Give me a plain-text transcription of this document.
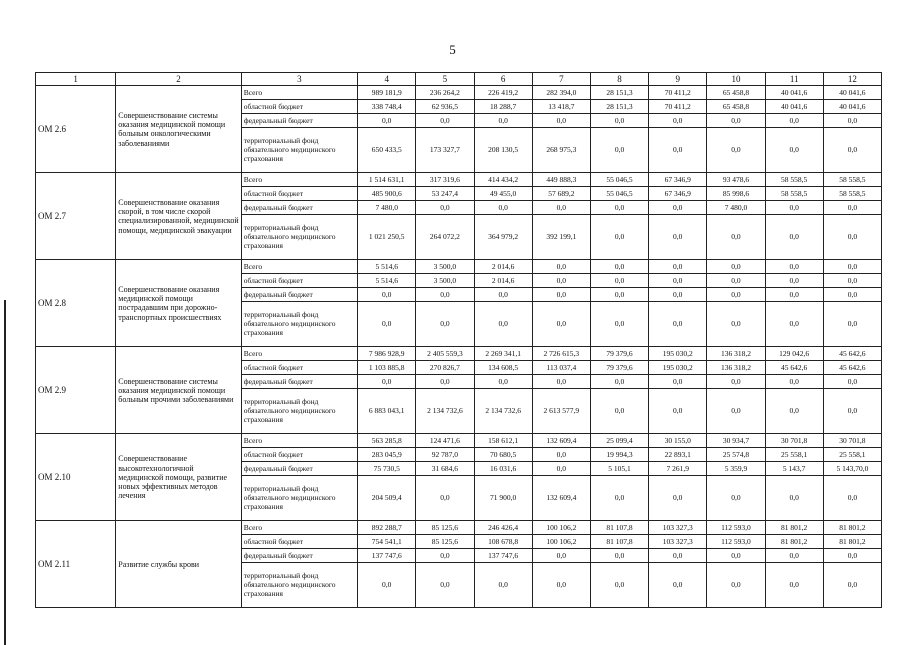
5
1	2	3	4	5	6	7	8	9	10	11	12
ОМ 2.6	Совершенствование системы оказания медицинской помощи больным онкологическими заболеваниями	Всего	989 181,9	236 264,2	226 419,2	282 394,0	28 151,3	70 411,2	65 458,8	40 041,6	40 041,6
		областной бюджет	338 748,4	62 936,5	18 288,7	13 418,7	28 151,3	70 411,2	65 458,8	40 041,6	40 041,6
		федеральный бюджет	0,0	0,0	0,0	0,0	0,0	0,0	0,0	0,0	0,0
		территориальный фонд обязательного медицинского страхования	650 433,5	173 327,7	208 130,5	268 975,3	0,0	0,0	0,0	0,0	0,0
ОМ 2.7	Совершенствование оказания скорой, в том числе скорой специализированной, медицинской помощи, медицинской эвакуации	Всего	1 514 631,1	317 319,6	414 434,2	449 888,3	55 046,5	67 346,9	93 478,6	58 558,5	58 558,5
		областной бюджет	485 900,6	53 247,4	49 455,0	57 689,2	55 046,5	67 346,9	85 998,6	58 558,5	58 558,5
		федеральный бюджет	7 480,0	0,0	0,0	0,0	0,0	0,0	7 480,0	0,0	0,0
		территориальный фонд обязательного медицинского страхования	1 021 250,5	264 072,2	364 979,2	392 199,1	0,0	0,0	0,0	0,0	0,0
ОМ 2.8	Совершенствование оказания медицинской помощи пострадавшим при дорожно-транспортных происшествиях	Всего	5 514,6	3 500,0	2 014,6	0,0	0,0	0,0	0,0	0,0	0,0
		областной бюджет	5 514,6	3 500,0	2 014,6	0,0	0,0	0,0	0,0	0,0	0,0
		федеральный бюджет	0,0	0,0	0,0	0,0	0,0	0,0	0,0	0,0	0,0
		территориальный фонд обязательного медицинского страхования	0,0	0,0	0,0	0,0	0,0	0,0	0,0	0,0	0,0
ОМ 2.9	Совершенствование системы оказания медицинской помощи больным прочими заболеваниями	Всего	7 986 928,9	2 405 559,3	2 269 341,1	2 726 615,3	79 379,6	195 030,2	136 318,2	129 042,6	45 642,6
		областной бюджет	1 103 885,8	270 826,7	134 608,5	113 037,4	79 379,6	195 030,2	136 318,2	45 642,6	45 642,6
		федеральный бюджет	0,0	0,0	0,0	0,0	0,0	0,0	0,0	0,0	0,0
		территориальный фонд обязательного медицинского страхования	6 883 043,1	2 134 732,6	2 134 732,6	2 613 577,9	0,0	0,0	0,0	0,0	0,0
ОМ 2.10	Совершенствование высокотехнологичной медицинской помощи, развитие новых эффективных методов лечения	Всего	563 285,8	124 471,6	158 612,1	132 609,4	25 099,4	30 155,0	30 934,7	30 701,8	30 701,8
		областной бюджет	283 045,9	92 787,0	70 680,5	0,0	19 994,3	22 893,1	25 574,8	25 558,1	25 558,1
		федеральный бюджет	75 730,5	31 684,6	16 031,6	0,0	5 105,1	7 261,9	5 359,9	5 143,7	5 143,70,0
		территориальный фонд обязательного медицинского страхования	204 509,4	0,0	71 900,0	132 609,4	0,0	0,0	0,0	0,0	0,0
ОМ 2.11	Развитие службы крови	Всего	892 288,7	85 125,6	246 426,4	100 106,2	81 107,8	103 327,3	112 593,0	81 801,2	81 801,2
		областной бюджет	754 541,1	85 125,6	108 678,8	100 106,2	81 107,8	103 327,3	112 593,0	81 801,2	81 801,2
		федеральный бюджет	137 747,6	0,0	137 747,6	0,0	0,0	0,0	0,0	0,0	0,0
		территориальный фонд обязательного медицинского страхования	0,0	0,0	0,0	0,0	0,0	0,0	0,0	0,0	0,0
